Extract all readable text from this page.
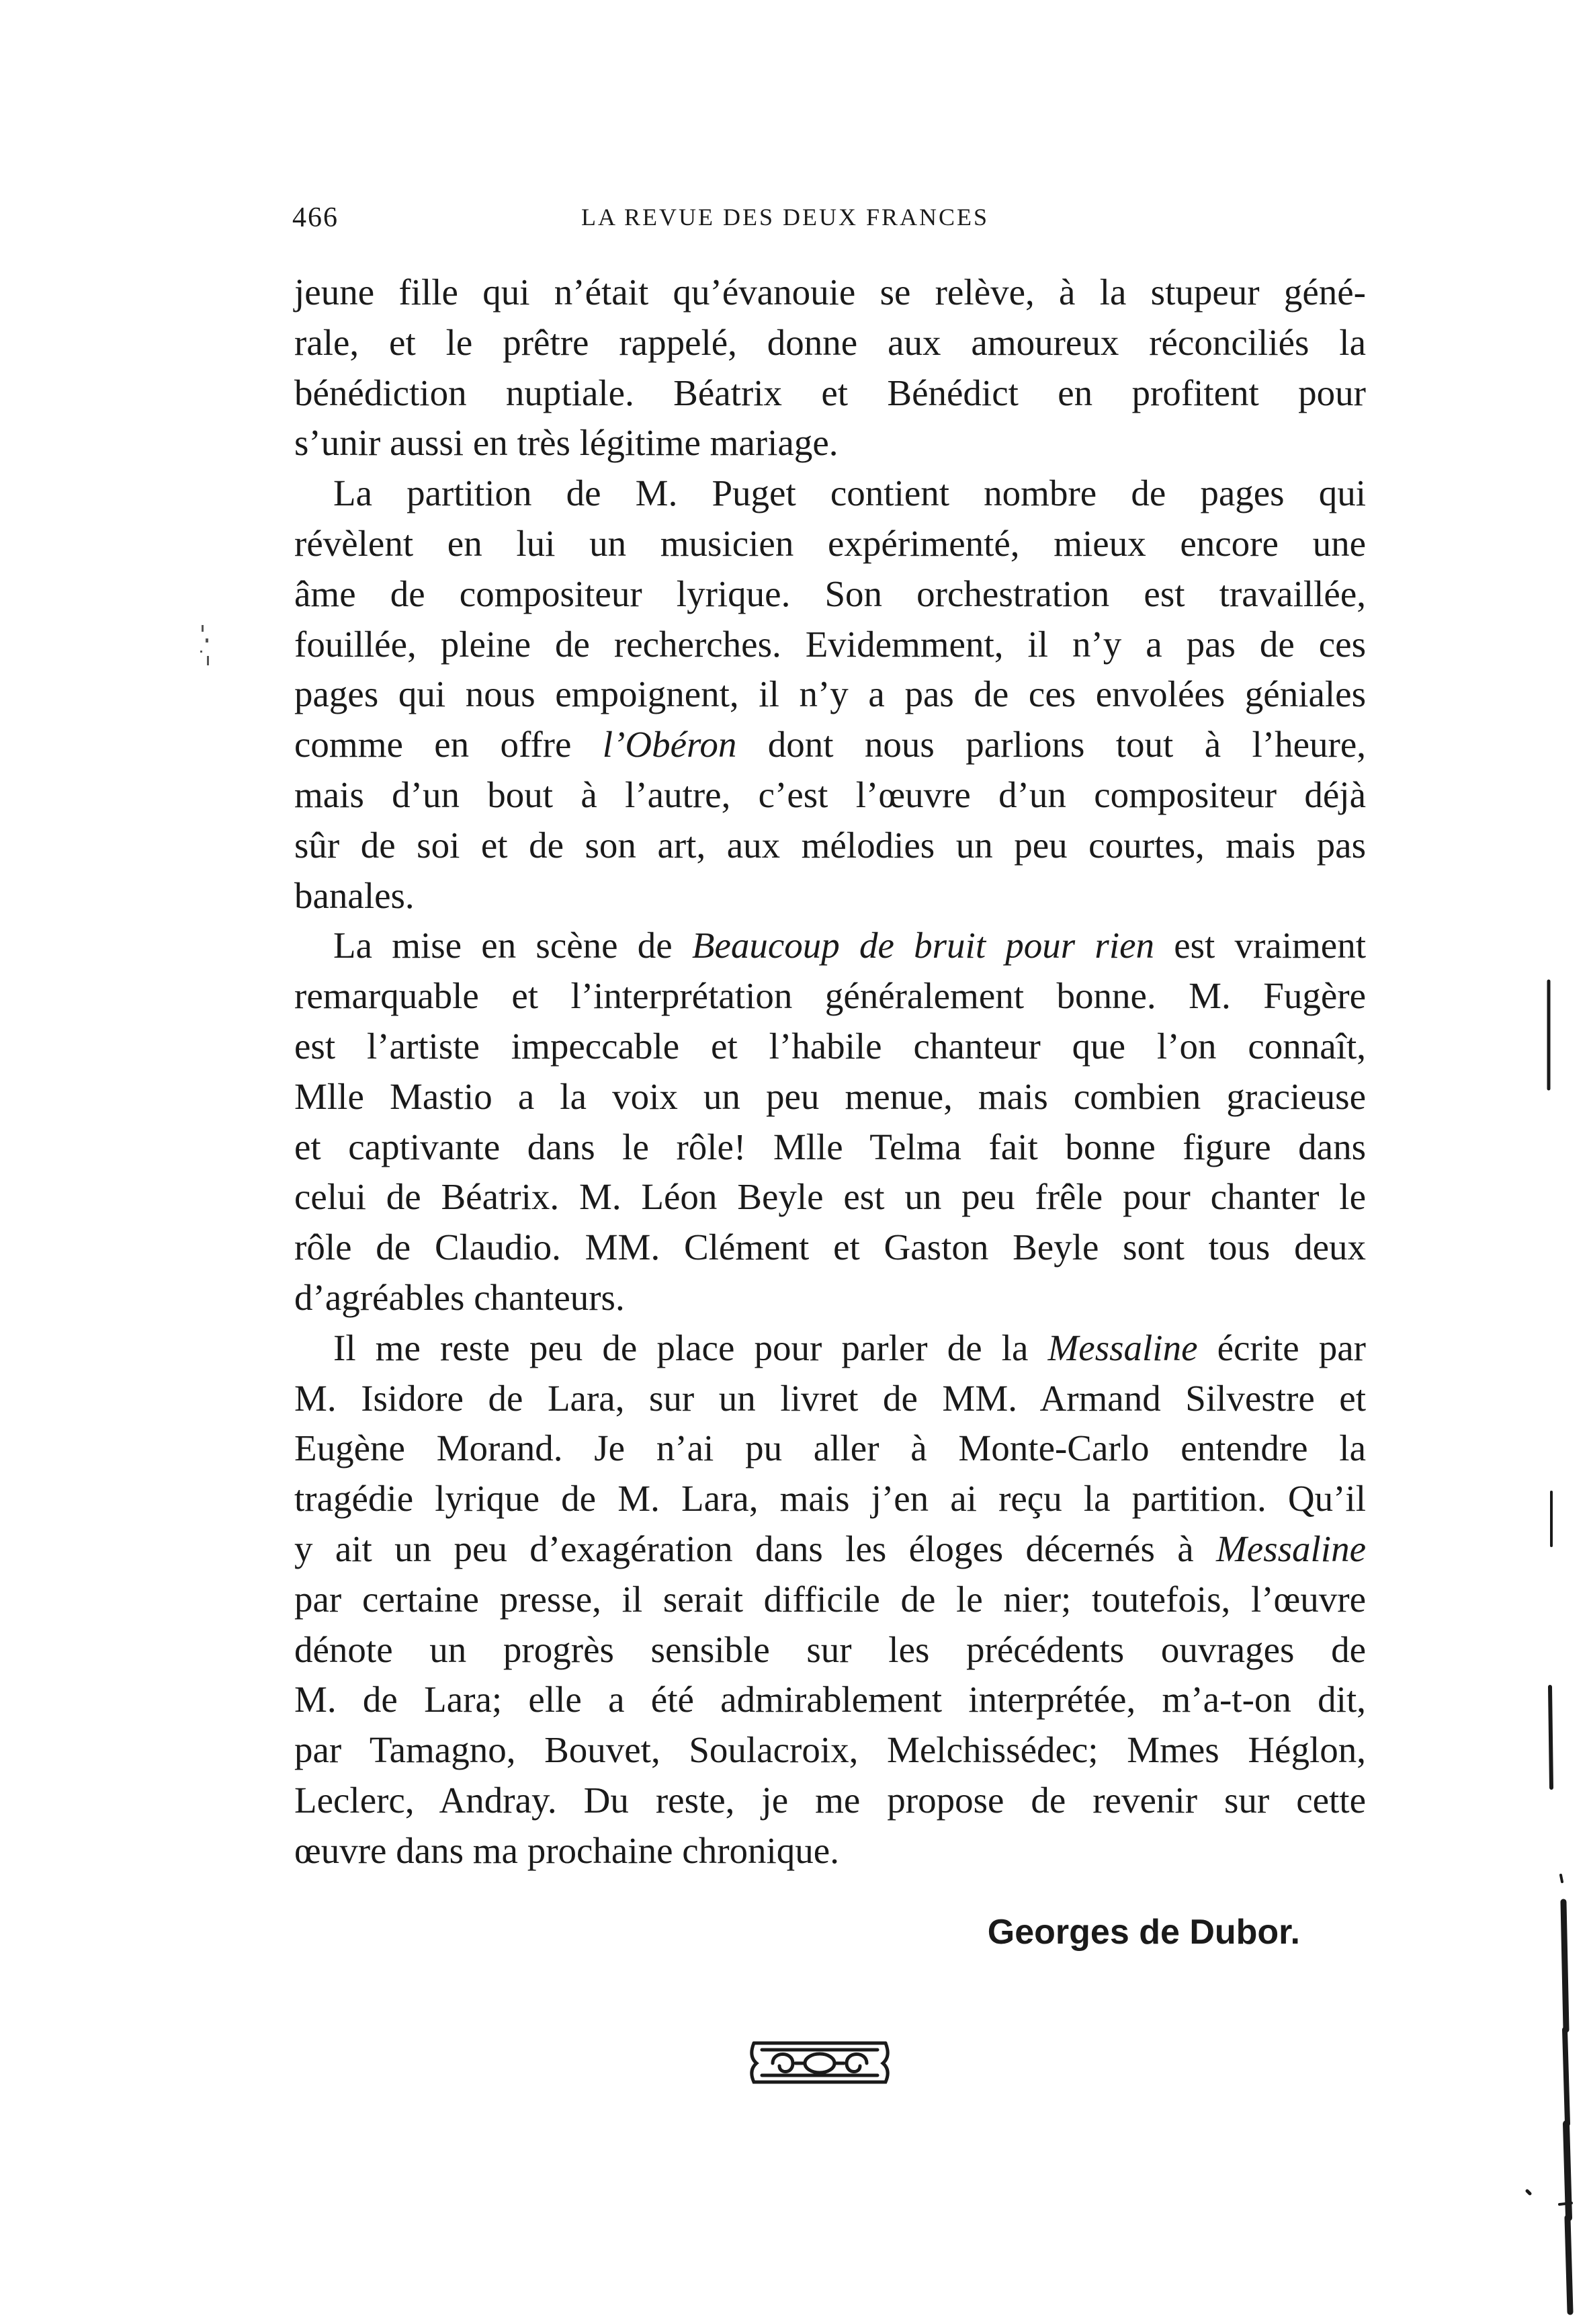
466	LA REVUE DES DEUX FRANCES
jeune fille qui n’était qu’évanouie se relève, à la stupeur géné-
rale, et le prêtre rappelé, donne aux amoureux réconciliés la
bénédiction nuptiale. Béatrix et Bénédict en profitent pour
s’unir aussi en très légitime mariage.
La partition de M. Puget contient nombre de pages qui
révèlent en lui un musicien expérimenté, mieux encore une
âme de compositeur lyrique. Son orchestration est travaillée,
fouillée, pleine de recherches. Evidemment, il n’y a pas de ces
pages qui nous empoignent, il n’y a pas de ces envolées géniales
comme en offre l’Obéron dont nous parlions tout à l’heure,
mais d’un bout à l’autre, c’est l’œuvre d’un compositeur déjà
sûr de soi et de son art, aux mélodies un peu courtes, mais pas
banales.
La mise en scène de Beaucoup de bruit pour rien est vraiment
remarquable et l’interprétation généralement bonne. M. Fugère
est l’artiste impeccable et l’habile chanteur que l’on connaît,
Mlle Mastio a la voix un peu menue, mais combien gracieuse
et captivante dans le rôle! Mlle Telma fait bonne figure dans
celui de Béatrix. M. Léon Beyle est un peu frêle pour chanter le
rôle de Claudio. MM. Clément et Gaston Beyle sont tous deux
d’agréables chanteurs.
Il me reste peu de place pour parler de la Messaline écrite par
M. Isidore de Lara, sur un livret de MM. Armand Silvestre et
Eugène Morand. Je n’ai pu aller à Monte-Carlo entendre la
tragédie lyrique de M. Lara, mais j’en ai reçu la partition. Qu’il
y ait un peu d’exagération dans les éloges décernés à Messaline
par certaine presse, il serait difficile de le nier; toutefois, l’œuvre
dénote un progrès sensible sur les précédents ouvrages de
M. de Lara; elle a été admirablement interprétée, m’a-t-on dit,
par Tamagno, Bouvet, Soulacroix, Melchissédec; Mmes Héglon,
Leclerc, Andray. Du reste, je me propose de revenir sur cette
œuvre dans ma prochaine chronique.
Georges de Dubor.
